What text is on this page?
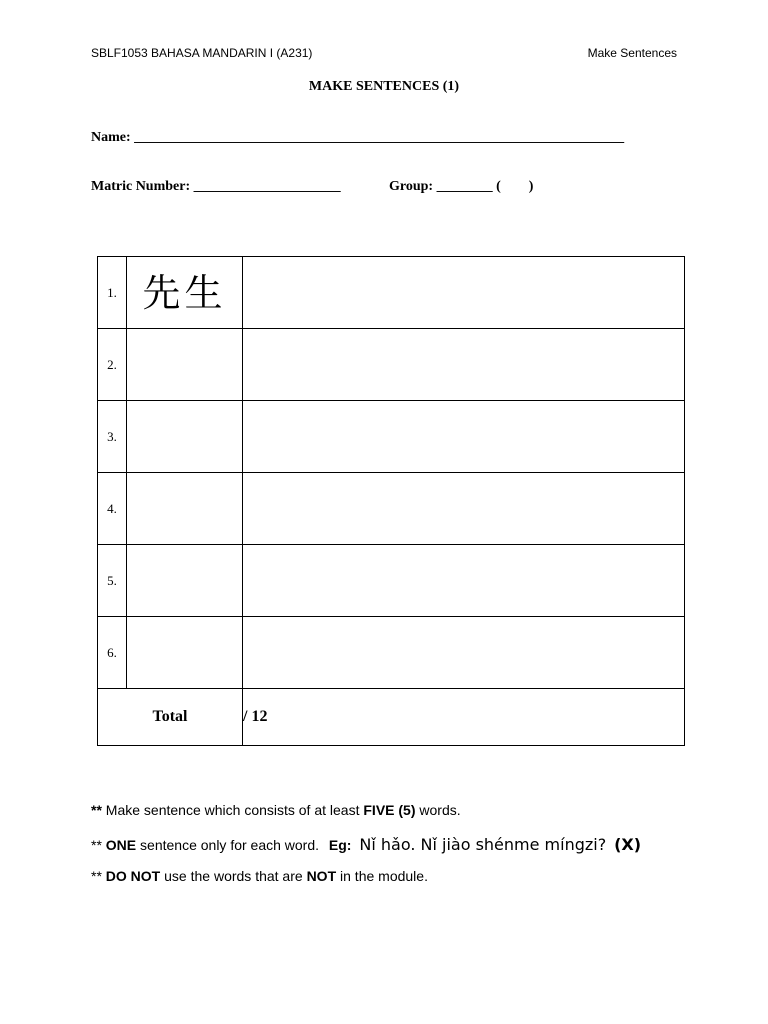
SBLF1053 BAHASA MANDARIN I (A231)	Make Sentences
MAKE SENTENCES (1)
Name: ______________________________________________________________________
Matric Number: _____________________	Group: ________ ( )
1.	先生	
2.		
3.		
4.		
5.		
6.		
Total		/ 12
** Make sentence which consists of at least FIVE (5) words.
** ONE sentence only for each word. Eg: Nǐ hǎo. Nǐ jiào shénme míngzi? (X)
** DO NOT use the words that are NOT in the module.
